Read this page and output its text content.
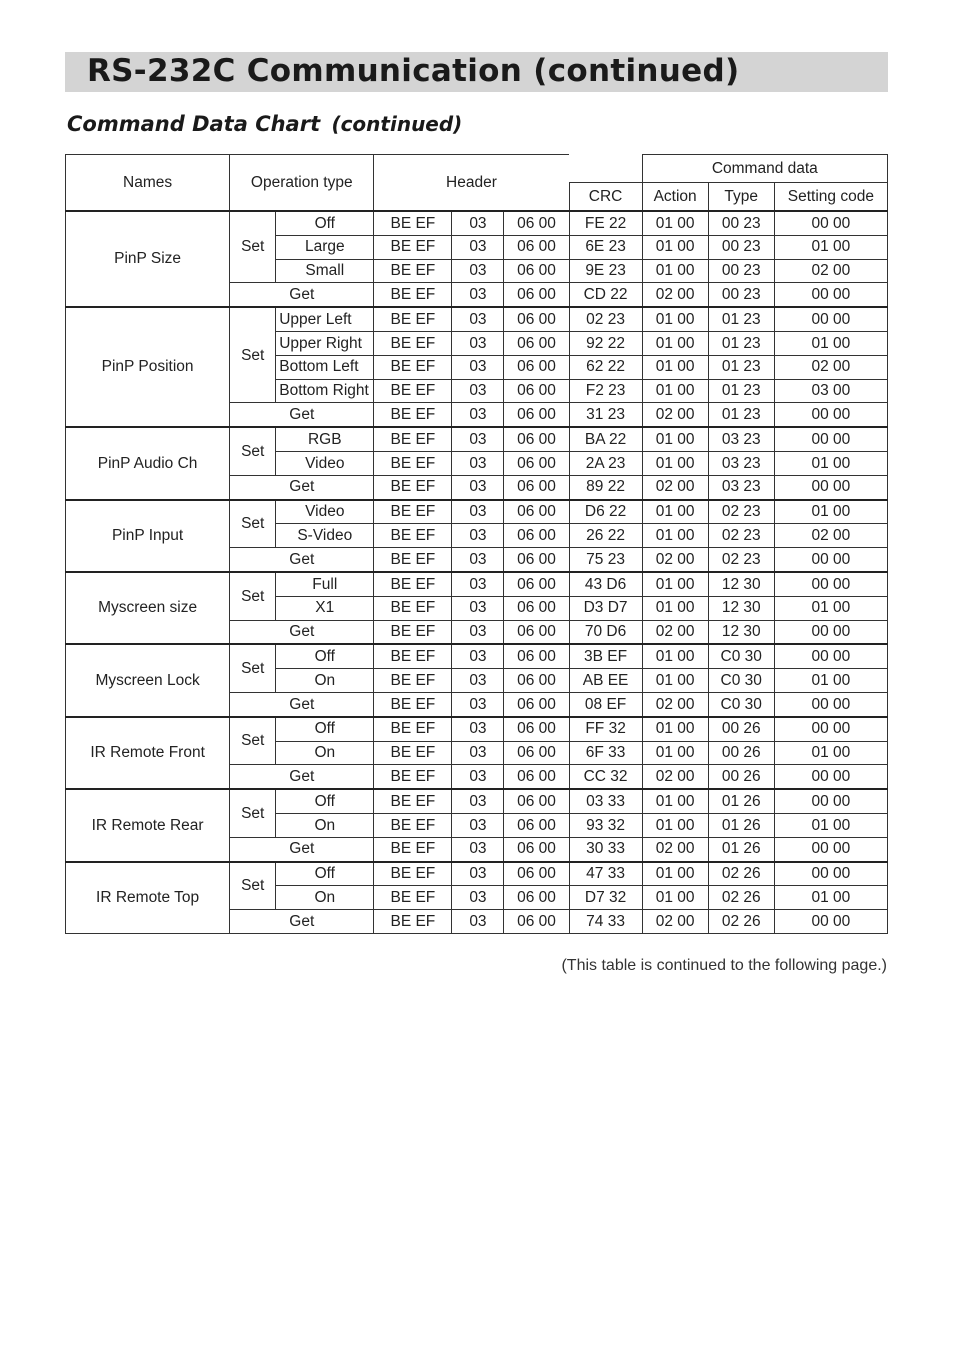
RS-232C Communication (continued)

Command Data Chart (continued)

Names	Operation type		Header				Command data		
						CRC	Action	Type	Setting code
PinP Size	Set	Off	BE EF	03	06 00	FE 22	01 00	00 23	00 00
		Large	BE EF	03	06 00	6E 23	01 00	00 23	01 00
		Small	BE EF	03	06 00	9E 23	01 00	00 23	02 00
	Get		BE EF	03	06 00	CD 22	02 00	00 23	00 00
PinP Position	Set	Upper Left	BE EF	03	06 00	02 23	01 00	01 23	00 00
		Upper Right	BE EF	03	06 00	92 22	01 00	01 23	01 00
		Bottom Left	BE EF	03	06 00	62 22	01 00	01 23	02 00
		Bottom Right	BE EF	03	06 00	F2 23	01 00	01 23	03 00
	Get		BE EF	03	06 00	31 23	02 00	01 23	00 00
PinP Audio Ch	Set	RGB	BE EF	03	06 00	BA 22	01 00	03 23	00 00
		Video	BE EF	03	06 00	2A 23	01 00	03 23	01 00
	Get		BE EF	03	06 00	89 22	02 00	03 23	00 00
PinP Input	Set	Video	BE EF	03	06 00	D6 22	01 00	02 23	01 00
		S-Video	BE EF	03	06 00	26 22	01 00	02 23	02 00
	Get		BE EF	03	06 00	75 23	02 00	02 23	00 00
Myscreen size	Set	Full	BE EF	03	06 00	43 D6	01 00	12 30	00 00
		X1	BE EF	03	06 00	D3 D7	01 00	12 30	01 00
	Get		BE EF	03	06 00	70 D6	02 00	12 30	00 00
Myscreen Lock	Set	Off	BE EF	03	06 00	3B EF	01 00	C0 30	00 00
		On	BE EF	03	06 00	AB EE	01 00	C0 30	01 00
	Get		BE EF	03	06 00	08 EF	02 00	C0 30	00 00
IR Remote Front	Set	Off	BE EF	03	06 00	FF 32	01 00	00 26	00 00
		On	BE EF	03	06 00	6F 33	01 00	00 26	01 00
	Get		BE EF	03	06 00	CC 32	02 00	00 26	00 00
IR Remote Rear	Set	Off	BE EF	03	06 00	03 33	01 00	01 26	00 00
		On	BE EF	03	06 00	93 32	01 00	01 26	01 00
	Get		BE EF	03	06 00	30 33	02 00	01 26	00 00
IR Remote Top	Set	Off	BE EF	03	06 00	47 33	01 00	02 26	00 00
		On	BE EF	03	06 00	D7 32	01 00	02 26	01 00
	Get		BE EF	03	06 00	74 33	02 00	02 26	00 00

(This table is continued to the following page.)
